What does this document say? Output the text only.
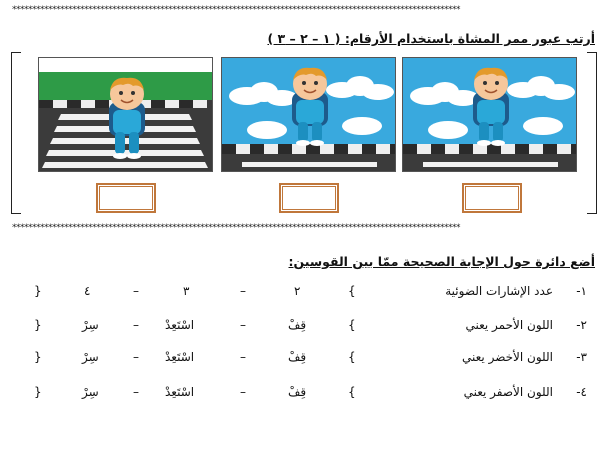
****************************************************************************************************************
أرتب عبور ممر المشاة باستخدام الأرقام: ( ١ – ٢ – ٣ )
****************************************************************************************************************
أضع دائرة حول الإجابة الصحيحة ممّا بين القوسين:
١-
عدد الإشارات الضوئية
{
٢
–
٣
–
٤
}
٢-
اللون الأحمر يعني
{
قِفْ
–
اسْتَعِدْ
–
سِرْ
}
٣-
اللون الأخضر يعني
{
قِفْ
–
اسْتَعِدْ
–
سِرْ
}
٤-
اللون الأصفر يعني
{
قِفْ
–
اسْتَعِدْ
–
سِرْ
}
